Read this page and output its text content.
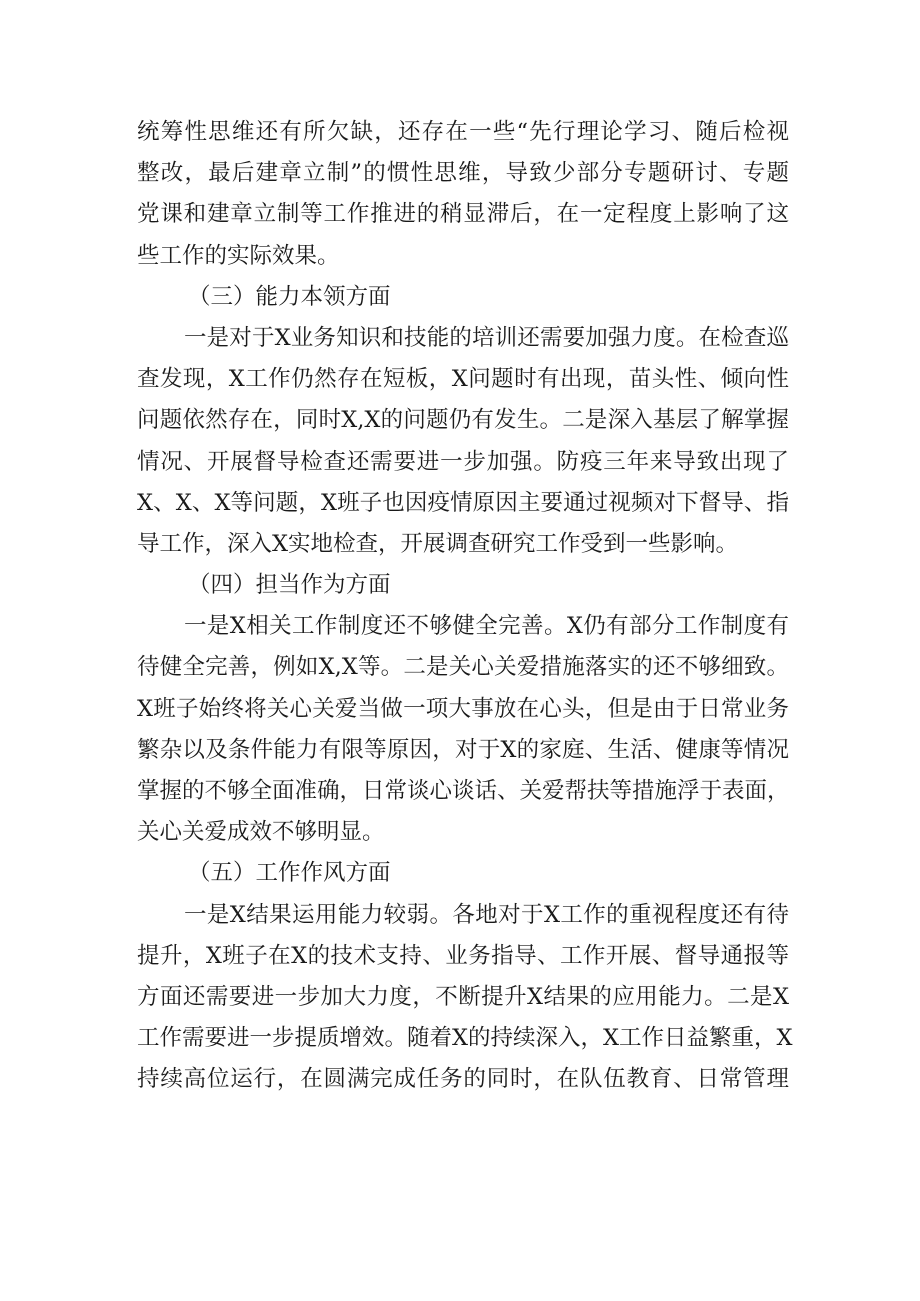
统筹性思维还有所欠缺，还存在一些“先行理论学习、随后检视
整改，最后建章立制”的惯性思维，导致少部分专题研讨、专题
党课和建章立制等工作推进的稍显滞后，在一定程度上影响了这
些工作的实际效果。
（三）能力本领方面
一是对于X业务知识和技能的培训还需要加强力度。在检查巡
查发现，X工作仍然存在短板，X问题时有出现，苗头性、倾向性
问题依然存在，同时X,X的问题仍有发生。二是深入基层了解掌握
情况、开展督导检查还需要进一步加强。防疫三年来导致出现了
X、X、X等问题，X班子也因疫情原因主要通过视频对下督导、指
导工作，深入X实地检查，开展调查研究工作受到一些影响。
（四）担当作为方面
一是X相关工作制度还不够健全完善。X仍有部分工作制度有
待健全完善，例如X,X等。二是关心关爱措施落实的还不够细致。
X班子始终将关心关爱当做一项大事放在心头，但是由于日常业务
繁杂以及条件能力有限等原因，对于X的家庭、生活、健康等情况
掌握的不够全面准确，日常谈心谈话、关爱帮扶等措施浮于表面，
关心关爱成效不够明显。
（五）工作作风方面
一是X结果运用能力较弱。各地对于X工作的重视程度还有待
提升，X班子在X的技术支持、业务指导、工作开展、督导通报等
方面还需要进一步加大力度，不断提升X结果的应用能力。二是X
工作需要进一步提质增效。随着X的持续深入，X工作日益繁重，X
持续高位运行，在圆满完成任务的同时，在队伍教育、日常管理
